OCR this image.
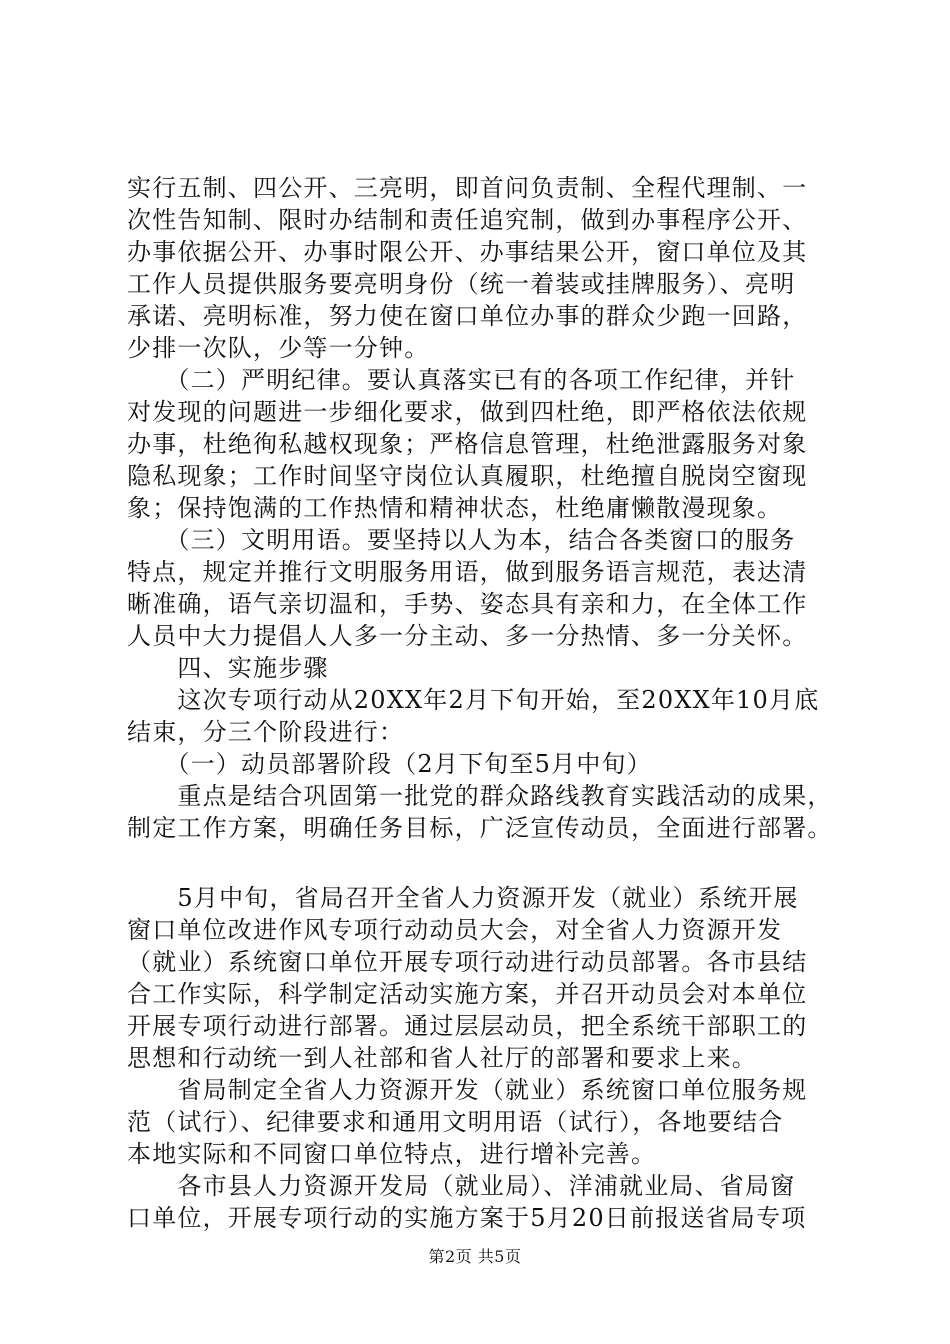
实行五制、四公开、三亮明，即首问负责制、全程代理制、一
次性告知制、限时办结制和责任追究制，做到办事程序公开、
办事依据公开、办事时限公开、办事结果公开，窗口单位及其
工作人员提供服务要亮明身份（统一着装或挂牌服务）、亮明
承诺、亮明标准，努力使在窗口单位办事的群众少跑一回路，
少排一次队，少等一分钟。
　　（二）严明纪律。要认真落实已有的各项工作纪律，并针
对发现的问题进一步细化要求，做到四杜绝，即严格依法依规
办事，杜绝徇私越权现象；严格信息管理，杜绝泄露服务对象
隐私现象；工作时间坚守岗位认真履职，杜绝擅自脱岗空窗现
象；保持饱满的工作热情和精神状态，杜绝庸懒散漫现象。
　　（三）文明用语。要坚持以人为本，结合各类窗口的服务
特点，规定并推行文明服务用语，做到服务语言规范，表达清
晰准确，语气亲切温和，手势、姿态具有亲和力，在全体工作
人员中大力提倡人人多一分主动、多一分热情、多一分关怀。
　　四、实施步骤
　　这次专项行动从20XX年2月下旬开始，至20XX年10月底
结束，分三个阶段进行：
　　（一）动员部署阶段（2月下旬至5月中旬）
　　重点是结合巩固第一批党的群众路线教育实践活动的成果，
制定工作方案，明确任务目标，广泛宣传动员，全面进行部署。
　　5月中旬，省局召开全省人力资源开发（就业）系统开展
窗口单位改进作风专项行动动员大会，对全省人力资源开发
（就业）系统窗口单位开展专项行动进行动员部署。各市县结
合工作实际，科学制定活动实施方案，并召开动员会对本单位
开展专项行动进行部署。通过层层动员，把全系统干部职工的
思想和行动统一到人社部和省人社厅的部署和要求上来。
　　省局制定全省人力资源开发（就业）系统窗口单位服务规
范（试行）、纪律要求和通用文明用语（试行），各地要结合
本地实际和不同窗口单位特点，进行增补完善。
　　各市县人力资源开发局（就业局）、洋浦就业局、省局窗
口单位，开展专项行动的实施方案于5月20日前报送省局专项
第2页 共5页
